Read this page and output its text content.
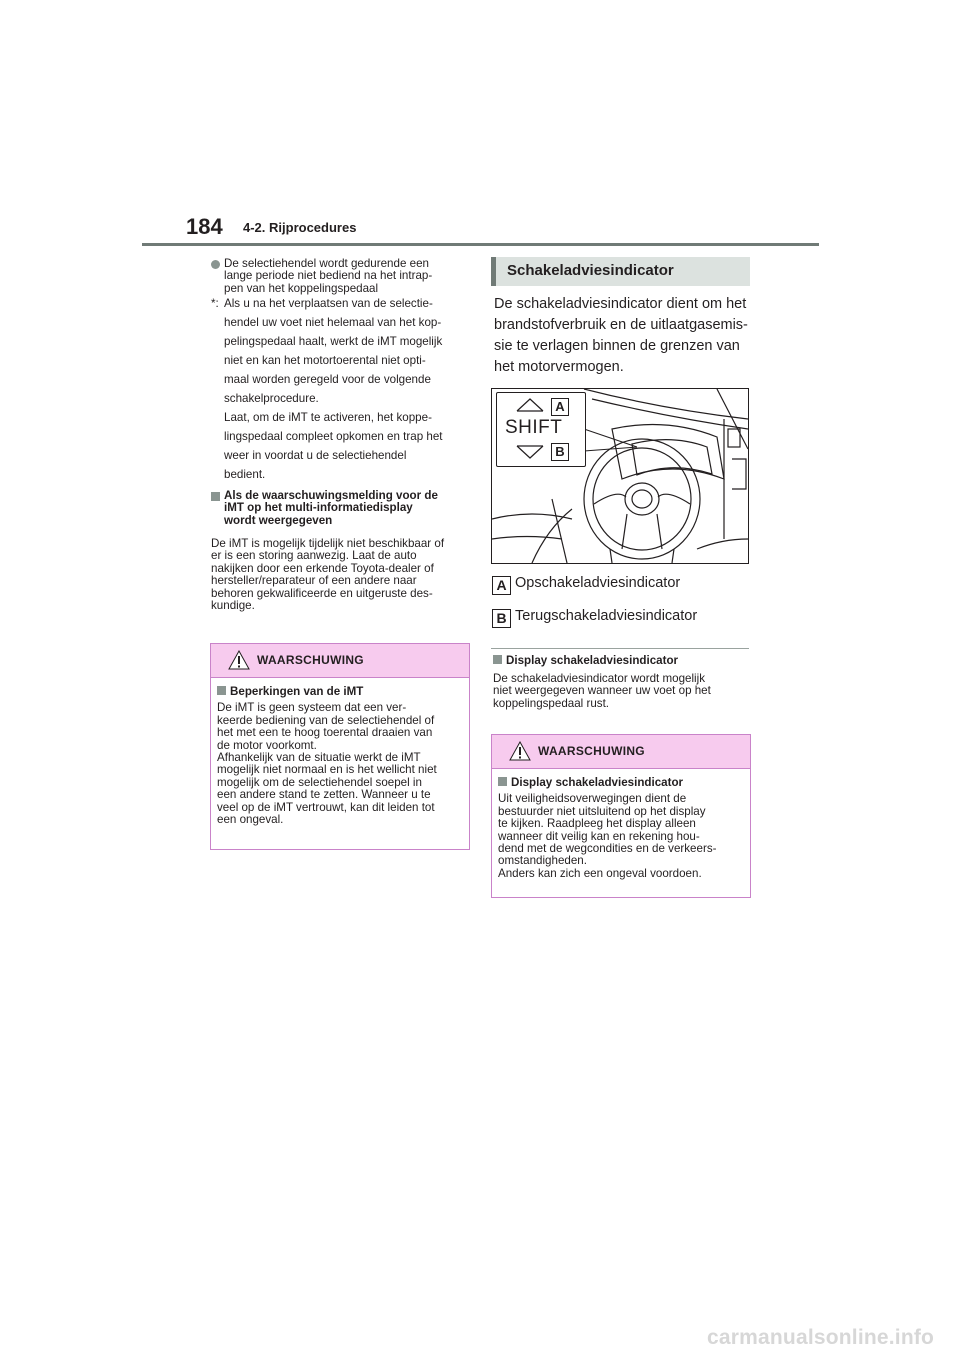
184 4-2. Rijprocedures
De selectiehendel wordt gedurende een
lange periode niet bediend na het intrap-
pen van het koppelingspedaal
*: Als u na het verplaatsen van de selectie-
hendel uw voet niet helemaal van het kop-
pelingspedaal haalt, werkt de iMT mogelijk
niet en kan het motortoerental niet opti-
maal worden geregeld voor de volgende
schakelprocedure.
Laat, om de iMT te activeren, het koppe-
lingspedaal compleet opkomen en trap het
weer in voordat u de selectiehendel
bedient.
Als de waarschuwingsmelding voor de
iMT op het multi-informatiedisplay
wordt weergegeven
De iMT is mogelijk tijdelijk niet beschikbaar of
er is een storing aanwezig. Laat de auto
nakijken door een erkende Toyota-dealer of
hersteller/reparateur of een andere naar
behoren gekwalificeerde en uitgeruste des-
kundige.
WAARSCHUWING
Beperkingen van de iMT
De iMT is geen systeem dat een ver-
keerde bediening van de selectiehendel of
het met een te hoog toerental draaien van
de motor voorkomt.
Afhankelijk van de situatie werkt de iMT
mogelijk niet normaal en is het wellicht niet
mogelijk om de selectiehendel soepel in
een andere stand te zetten. Wanneer u te
veel op de iMT vertrouwt, kan dit leiden tot
een ongeval.
Schakeladviesindicator
De schakeladviesindicator dient om het
brandstofverbruik en de uitlaatgasemis-
sie te verlagen binnen de grenzen van
het motorvermogen.
A
SHIFT
B
A Opschakeladviesindicator
B Terugschakeladviesindicator
Display schakeladviesindicator
De schakeladviesindicator wordt mogelijk
niet weergegeven wanneer uw voet op het
koppelingspedaal rust.
WAARSCHUWING
Display schakeladviesindicator
Uit veiligheidsoverwegingen dient de
bestuurder niet uitsluitend op het display
te kijken. Raadpleeg het display alleen
wanneer dit veilig kan en rekening hou-
dend met de wegcondities en de verkeers-
omstandigheden.
Anders kan zich een ongeval voordoen.
carmanualsonline.info
